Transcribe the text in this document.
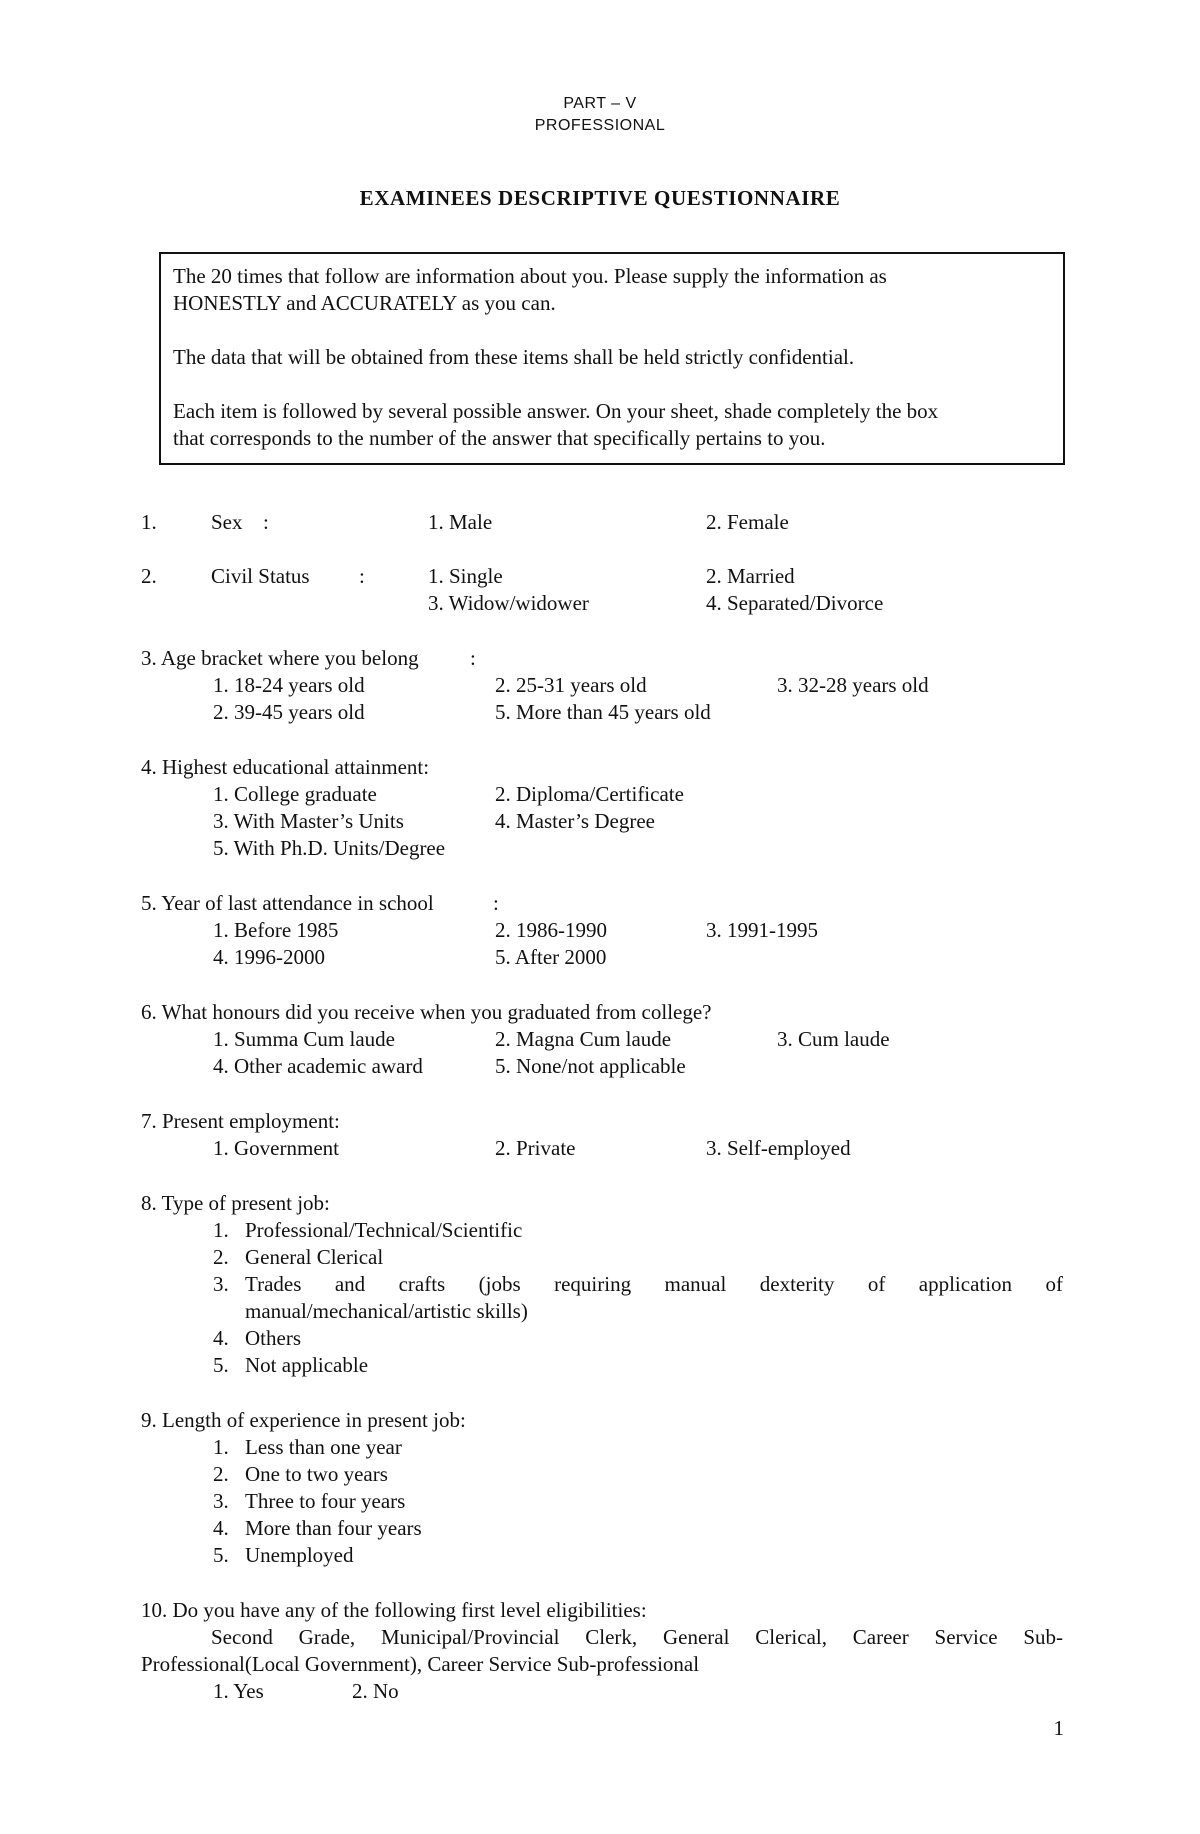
PART – V
PROFESSIONAL
EXAMINEES DESCRIPTIVE QUESTIONNAIRE
The 20 times that follow are information about you. Please supply the information as
HONESTLY and ACCURATELY as you can.
The data that will be obtained from these items shall be held strictly confidential.
Each item is followed by several possible answer. On your sheet, shade completely the box
that corresponds to the number of the answer that specifically pertains to you.
1.	Sex :	1. Male	2. Female
2.	Civil Status :	1. Single	2. Married
3. Widow/widower	4. Separated/Divorce
3. Age bracket where you belong :
1. 18-24 years old	2. 25-31 years old	3. 32-28 years old
2. 39-45 years old	5. More than 45 years old
4. Highest educational attainment:
1. College graduate	2. Diploma/Certificate
3. With Master’s Units	4. Master’s Degree
5. With Ph.D. Units/Degree
5. Year of last attendance in school	:
1. Before 1985	2. 1986-1990	3. 1991-1995
4. 1996-2000	5. After 2000
6. What honours did you receive when you graduated from college?
1. Summa Cum laude	2. Magna Cum laude	3. Cum laude
4. Other academic award	5. None/not applicable
7. Present employment:
1. Government	2. Private	3. Self-employed
8. Type of present job:
1. Professional/Technical/Scientific
2. General Clerical
3. Trades and crafts (jobs requiring manual dexterity of application of
manual/mechanical/artistic skills)
4. Others
5. Not applicable
9. Length of experience in present job:
1. Less than one year
2. One to two years
3. Three to four years
4. More than four years
5. Unemployed
10. Do you have any of the following first level eligibilities:
Second Grade, Municipal/Provincial Clerk, General Clerical, Career Service Sub-
Professional(Local Government), Career Service Sub-professional
1. Yes	2. No
1
